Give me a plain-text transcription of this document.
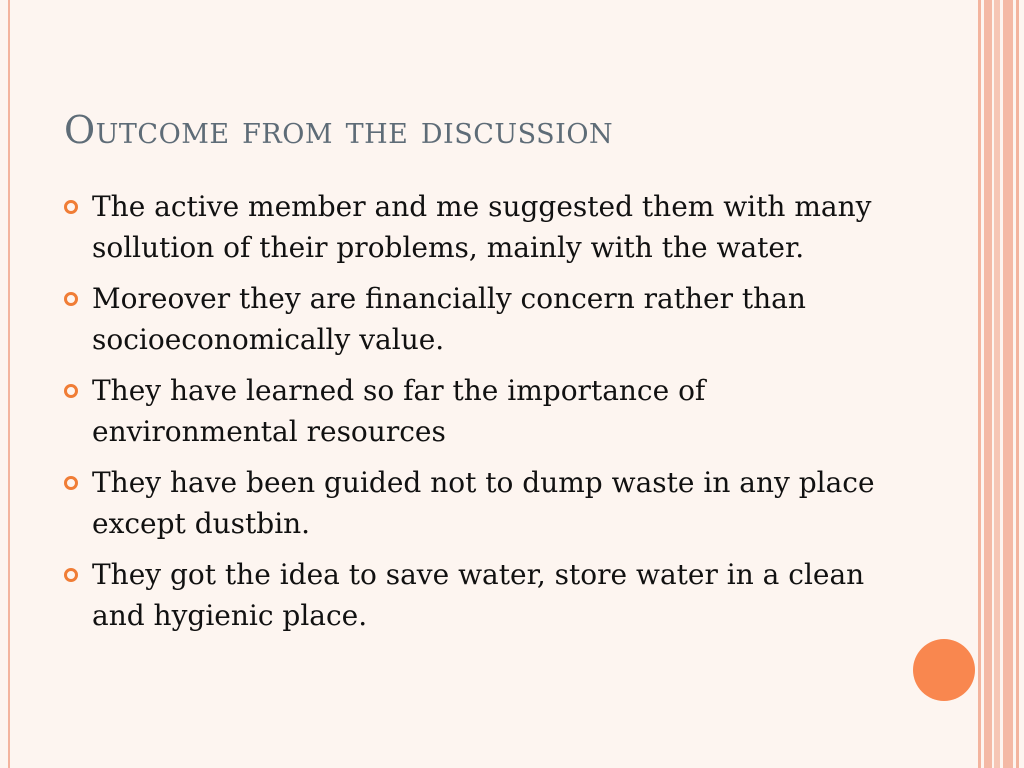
Outcome from the discussion
The active member and me suggested them with many sollution of their problems, mainly with the water.
Moreover they are financially concern rather than socioeconomically value.
They have learned so far the importance of environmental resources
They have been guided not to dump waste in any place except dustbin.
They got the idea to save water, store water in a clean and hygienic place.
